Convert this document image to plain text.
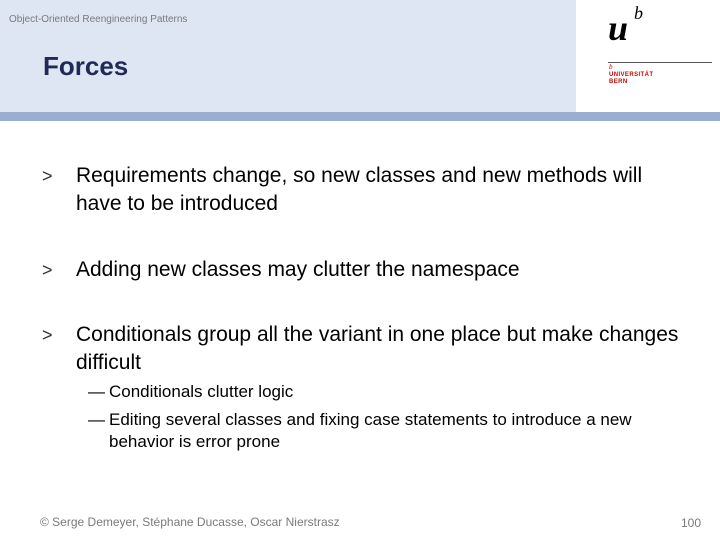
Object-Oriented Reengineering Patterns
Forces
u b
b
UNIVERSITÄT
BERN
> Requirements change, so new classes and new methods will have to be introduced
> Adding new classes may clutter the namespace
> Conditionals group all the variant in one place but make changes difficult
— Conditionals clutter logic
— Editing several classes and fixing case statements to introduce a new behavior is error prone
© Serge Demeyer, Stéphane Ducasse, Oscar Nierstrasz	100
